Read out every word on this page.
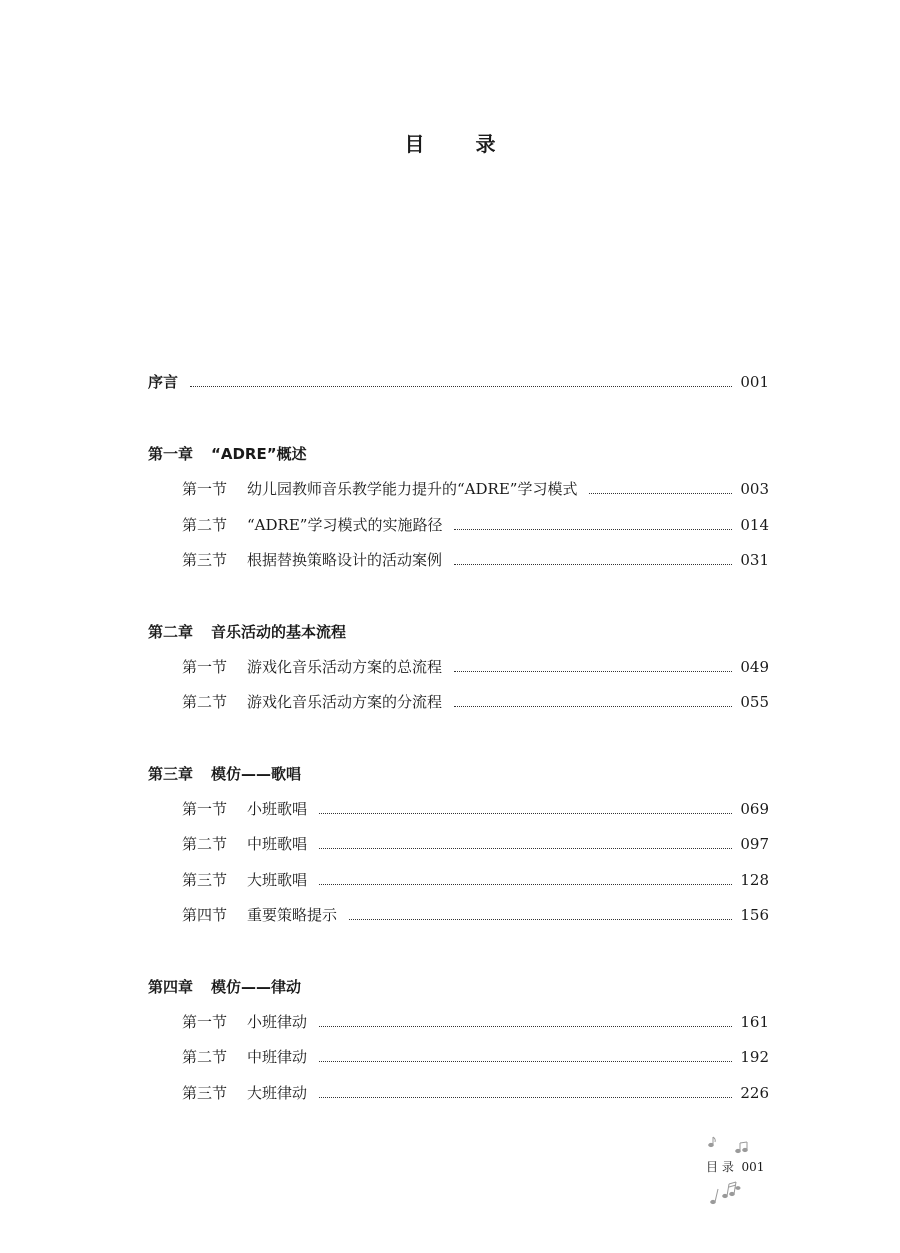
目 录
序言	001
第一章 “ADRE”概述
第一节 幼儿园教师音乐教学能力提升的“ADRE”学习模式	003
第二节 “ADRE”学习模式的实施路径	014
第三节 根据替换策略设计的活动案例	031
第二章 音乐活动的基本流程
第一节 游戏化音乐活动方案的总流程	049
第二节 游戏化音乐活动方案的分流程	055
第三章 模仿——歌唱
第一节 小班歌唱	069
第二节 中班歌唱	097
第三节 大班歌唱	128
第四节 重要策略提示	156
第四章 模仿——律动
第一节 小班律动	161
第二节 中班律动	192
第三节 大班律动	226
目 录 001
